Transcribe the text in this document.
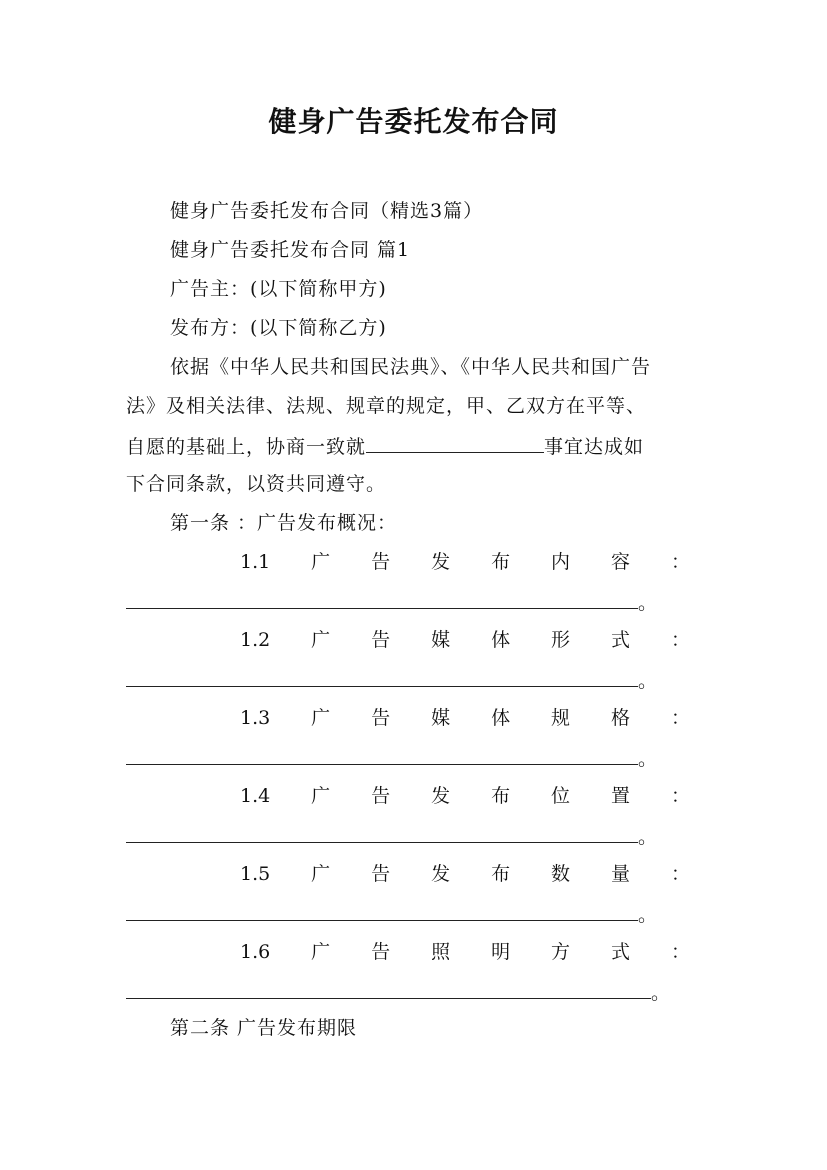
健身广告委托发布合同
健身广告委托发布合同（精选3篇）
健身广告委托发布合同 篇1
广告主：(以下简称甲方)
发布方：(以下简称乙方)
依据《中华人民共和国民法典》、《中华人民共和国广告
法》及相关法律、法规、规章的规定，甲、乙双方在平等、
自愿的基础上，协商一致就	事宜达成如
下合同条款，以资共同遵守。
第一条 ：广告发布概况：
1.1 广 告 发 布 内 容 ：
。
1.2 广 告 媒 体 形 式 ：
。
1.3 广 告 媒 体 规 格 ：
。
1.4 广 告 发 布 位 置 ：
。
1.5 广 告 发 布 数 量 ：
。
1.6 广 告 照 明 方 式 ：
。
第二条 广告发布期限
